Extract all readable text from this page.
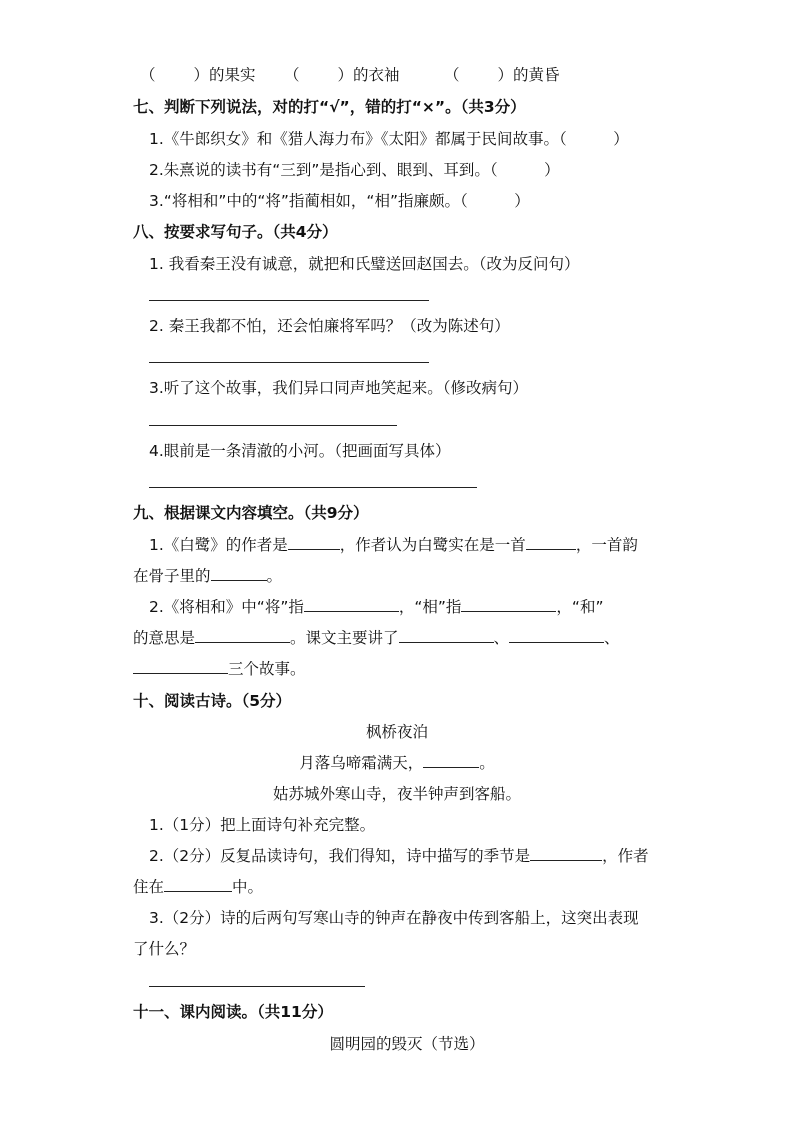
（ ）的果实 （ ）的衣袖	（ ）的黄昏
七、判断下列说法，对的打“√”，错的打“×”。（共3分）
1.《牛郎织女》和《猎人海力布》《太阳》都属于民间故事。（　　　）
2.朱熹说的读书有“三到”是指心到、眼到、耳到。（　　　）
3.“将相和”中的“将”指蔺相如，“相”指廉颇。（　　　）
八、按要求写句子。（共4分）
1. 我看秦王没有诚意，就把和氏璧送回赵国去。（改为反问句）
2. 秦王我都不怕，还会怕廉将军吗？（改为陈述句）
3.听了这个故事，我们异口同声地笑起来。（修改病句）
4.眼前是一条清澈的小河。（把画面写具体）
九、根据课文内容填空。（共9分）
1.《白鹭》的作者是	，作者认为白鹭实在是一首	，一首韵
在骨子里的	。
2.《将相和》中“将”指	，“相”指	，“和”
的意思是	。课文主要讲了	、	、
三个故事。
十、阅读古诗。（5分）
枫桥夜泊
月落乌啼霜满天，	。
姑苏城外寒山寺，夜半钟声到客船。
1.（1分）把上面诗句补充完整。
2.（2分）反复品读诗句，我们得知，诗中描写的季节是	，作者
住在	中。
3.（2分）诗的后两句写寒山寺的钟声在静夜中传到客船上，这突出表现
了什么？
十一、课内阅读。（共11分）
圆明园的毁灭（节选）
